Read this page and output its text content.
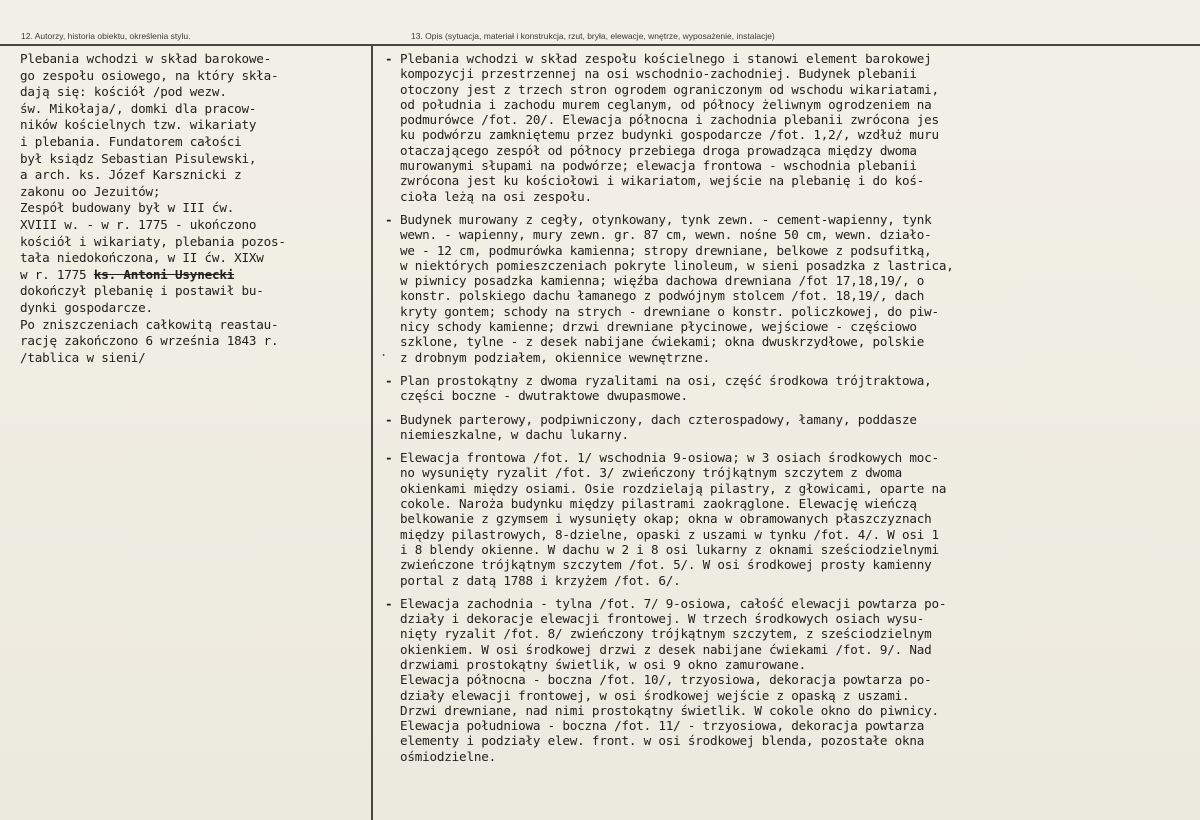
12. Autorzy, historia obiektu, określenia stylu.	13. Opis (sytuacja, materiał i konstrukcja, rzut, bryła, elewacje, wnętrze, wyposażenie, instalacje)
Plebania wchodzi w skład barokowe-
go zespołu osiowego, na który skła-
dają się: kościół /pod wezw.
św. Mikołaja/, domki dla pracow-
ników kościelnych tzw. wikariaty
i plebania. Fundatorem całości
był ksiądz Sebastian Pisulewski,
a arch. ks. Józef Karsznicki z
zakonu oo Jezuitów;
Zespół budowany był w III ćw.
XVIII w. - w r. 1775 - ukończono
kościół i wikariaty, plebania pozos-
tała niedokończona, w II ćw. XIXw
w r. 1775 ks. Antoni Usynecki
dokończył plebanię i postawił bu-
dynki gospodarcze.
Po zniszczeniach całkowitą reastau-
rację zakończono 6 września 1843 r.
/tablica w sieni/
- Plebania wchodzi w skład zespołu kościelnego i stanowi element barokowej
kompozycji przestrzennej na osi wschodnio-zachodniej. Budynek plebanii
otoczony jest z trzech stron ogrodem ograniczonym od wschodu wikariatami,
od południa i zachodu murem ceglanym, od północy żeliwnym ogrodzeniem na
podmurówce /fot. 20/. Elewacja północna i zachodnia plebanii zwrócona jes
ku podwórzu zamkniętemu przez budynki gospodarcze /fot. 1,2/, wzdłuż muru
otaczającego zespół od północy przebiega droga prowadząca między dwoma
murowanymi słupami na podwórze; elewacja frontowa - wschodnia plebanii
zwrócona jest ku kościołowi i wikariatom, wejście na plebanię i do koś-
cioła leżą na osi zespołu.
- Budynek murowany z cegły, otynkowany, tynk zewn. - cement-wapienny, tynk
wewn. - wapienny, mury zewn. gr. 87 cm, wewn. nośne 50 cm, wewn. działo-
we - 12 cm, podmurówka kamienna; stropy drewniane, belkowe z podsufitką,
w niektórych pomieszczeniach pokryte linoleum, w sieni posadzka z lastrica,
w piwnicy posadzka kamienna; więźba dachowa drewniana /fot 17,18,19/, o
konstr. polskiego dachu łamanego z podwójnym stolcem /fot. 18,19/, dach
kryty gontem; schody na strych - drewniane o konstr. policzkowej, do piw-
nicy schody kamienne; drzwi drewniane płycinowe, wejściowe - częściowo
szklone, tylne - z desek nabijane ćwiekami; okna dwuskrzydłowe, polskie
z drobnym podziałem, okiennice wewnętrzne.
- Plan prostokątny z dwoma ryzalitami na osi, część środkowa trójtraktowa,
części boczne - dwutraktowe dwupasmowe.
- Budynek parterowy, podpiwniczony, dach czterospadowy, łamany, poddasze
niemieszkalne, w dachu lukarny.
- Elewacja frontowa /fot. 1/ wschodnia 9-osiowa; w 3 osiach środkowych moc-
no wysunięty ryzalit /fot. 3/ zwieńczony trójkątnym szczytem z dwoma
okienkami między osiami. Osie rozdzielają pilastry, z głowicami, oparte na
cokole. Naroża budynku między pilastrami zaokrąglone. Elewację wieńczą
belkowanie z gzymsem i wysunięty okap; okna w obramowanych płaszczyznach
między pilastrowych, 8-dzielne, opaski z uszami w tynku /fot. 4/. W osi 1
i 8 blendy okienne. W dachu w 2 i 8 osi lukarny z oknami sześciodzielnymi
zwieńczone trójkątnym szczytem /fot. 5/. W osi środkowej prosty kamienny
portal z datą 1788 i krzyżem /fot. 6/.
- Elewacja zachodnia - tylna /fot. 7/ 9-osiowa, całość elewacji powtarza po-
działy i dekoracje elewacji frontowej. W trzech środkowych osiach wysu-
nięty ryzalit /fot. 8/ zwieńczony trójkątnym szczytem, z sześciodzielnym
okienkiem. W osi środkowej drzwi z desek nabijane ćwiekami /fot. 9/. Nad
drzwiami prostokątny świetlik, w osi 9 okno zamurowane.
Elewacja północna - boczna /fot. 10/, trzyosiowa, dekoracja powtarza po-
działy elewacji frontowej, w osi środkowej wejście z opaską z uszami.
Drzwi drewniane, nad nimi prostokątny świetlik. W cokole okno do piwnicy.
Elewacja południowa - boczna /fot. 11/ - trzyosiowa, dekoracja powtarza
elementy i podziały elew. front. w osi środkowej blenda, pozostałe okna
ośmiodzielne.
.
